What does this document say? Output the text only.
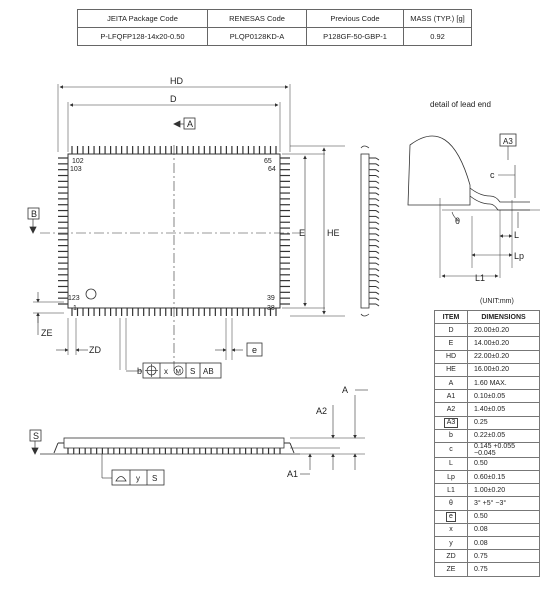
JEITA Package Code	RENESAS Code	Previous Code	MASS (TYP.) [g]
P-LFQFP128-14x20-0.50	PLQP0128KD-A	P128GF-50-GBP-1	0.92
HD
D
A
B
E HE
ZE
ZD	e
b
102
103
65
64
123
1
39
38
x M S AB
S
A
A2
A1
y S
A3
c
L
Lp
L1
θ
detail of lead end
(UNIT:mm)
ITEM	DIMENSIONS
D	20.00±0.20
E	14.00±0.20
HD	22.00±0.20
HE	16.00±0.20
A	1.60 MAX.
A1	0.10±0.05
A2	1.40±0.05
A3	0.25
b	0.22±0.05
c	0.145 +0.055 −0.045
L	0.50
Lp	0.60±0.15
L1	1.00±0.20
θ	3° +5° −3°
e	0.50
x	0.08
y	0.08
ZD	0.75
ZE	0.75
